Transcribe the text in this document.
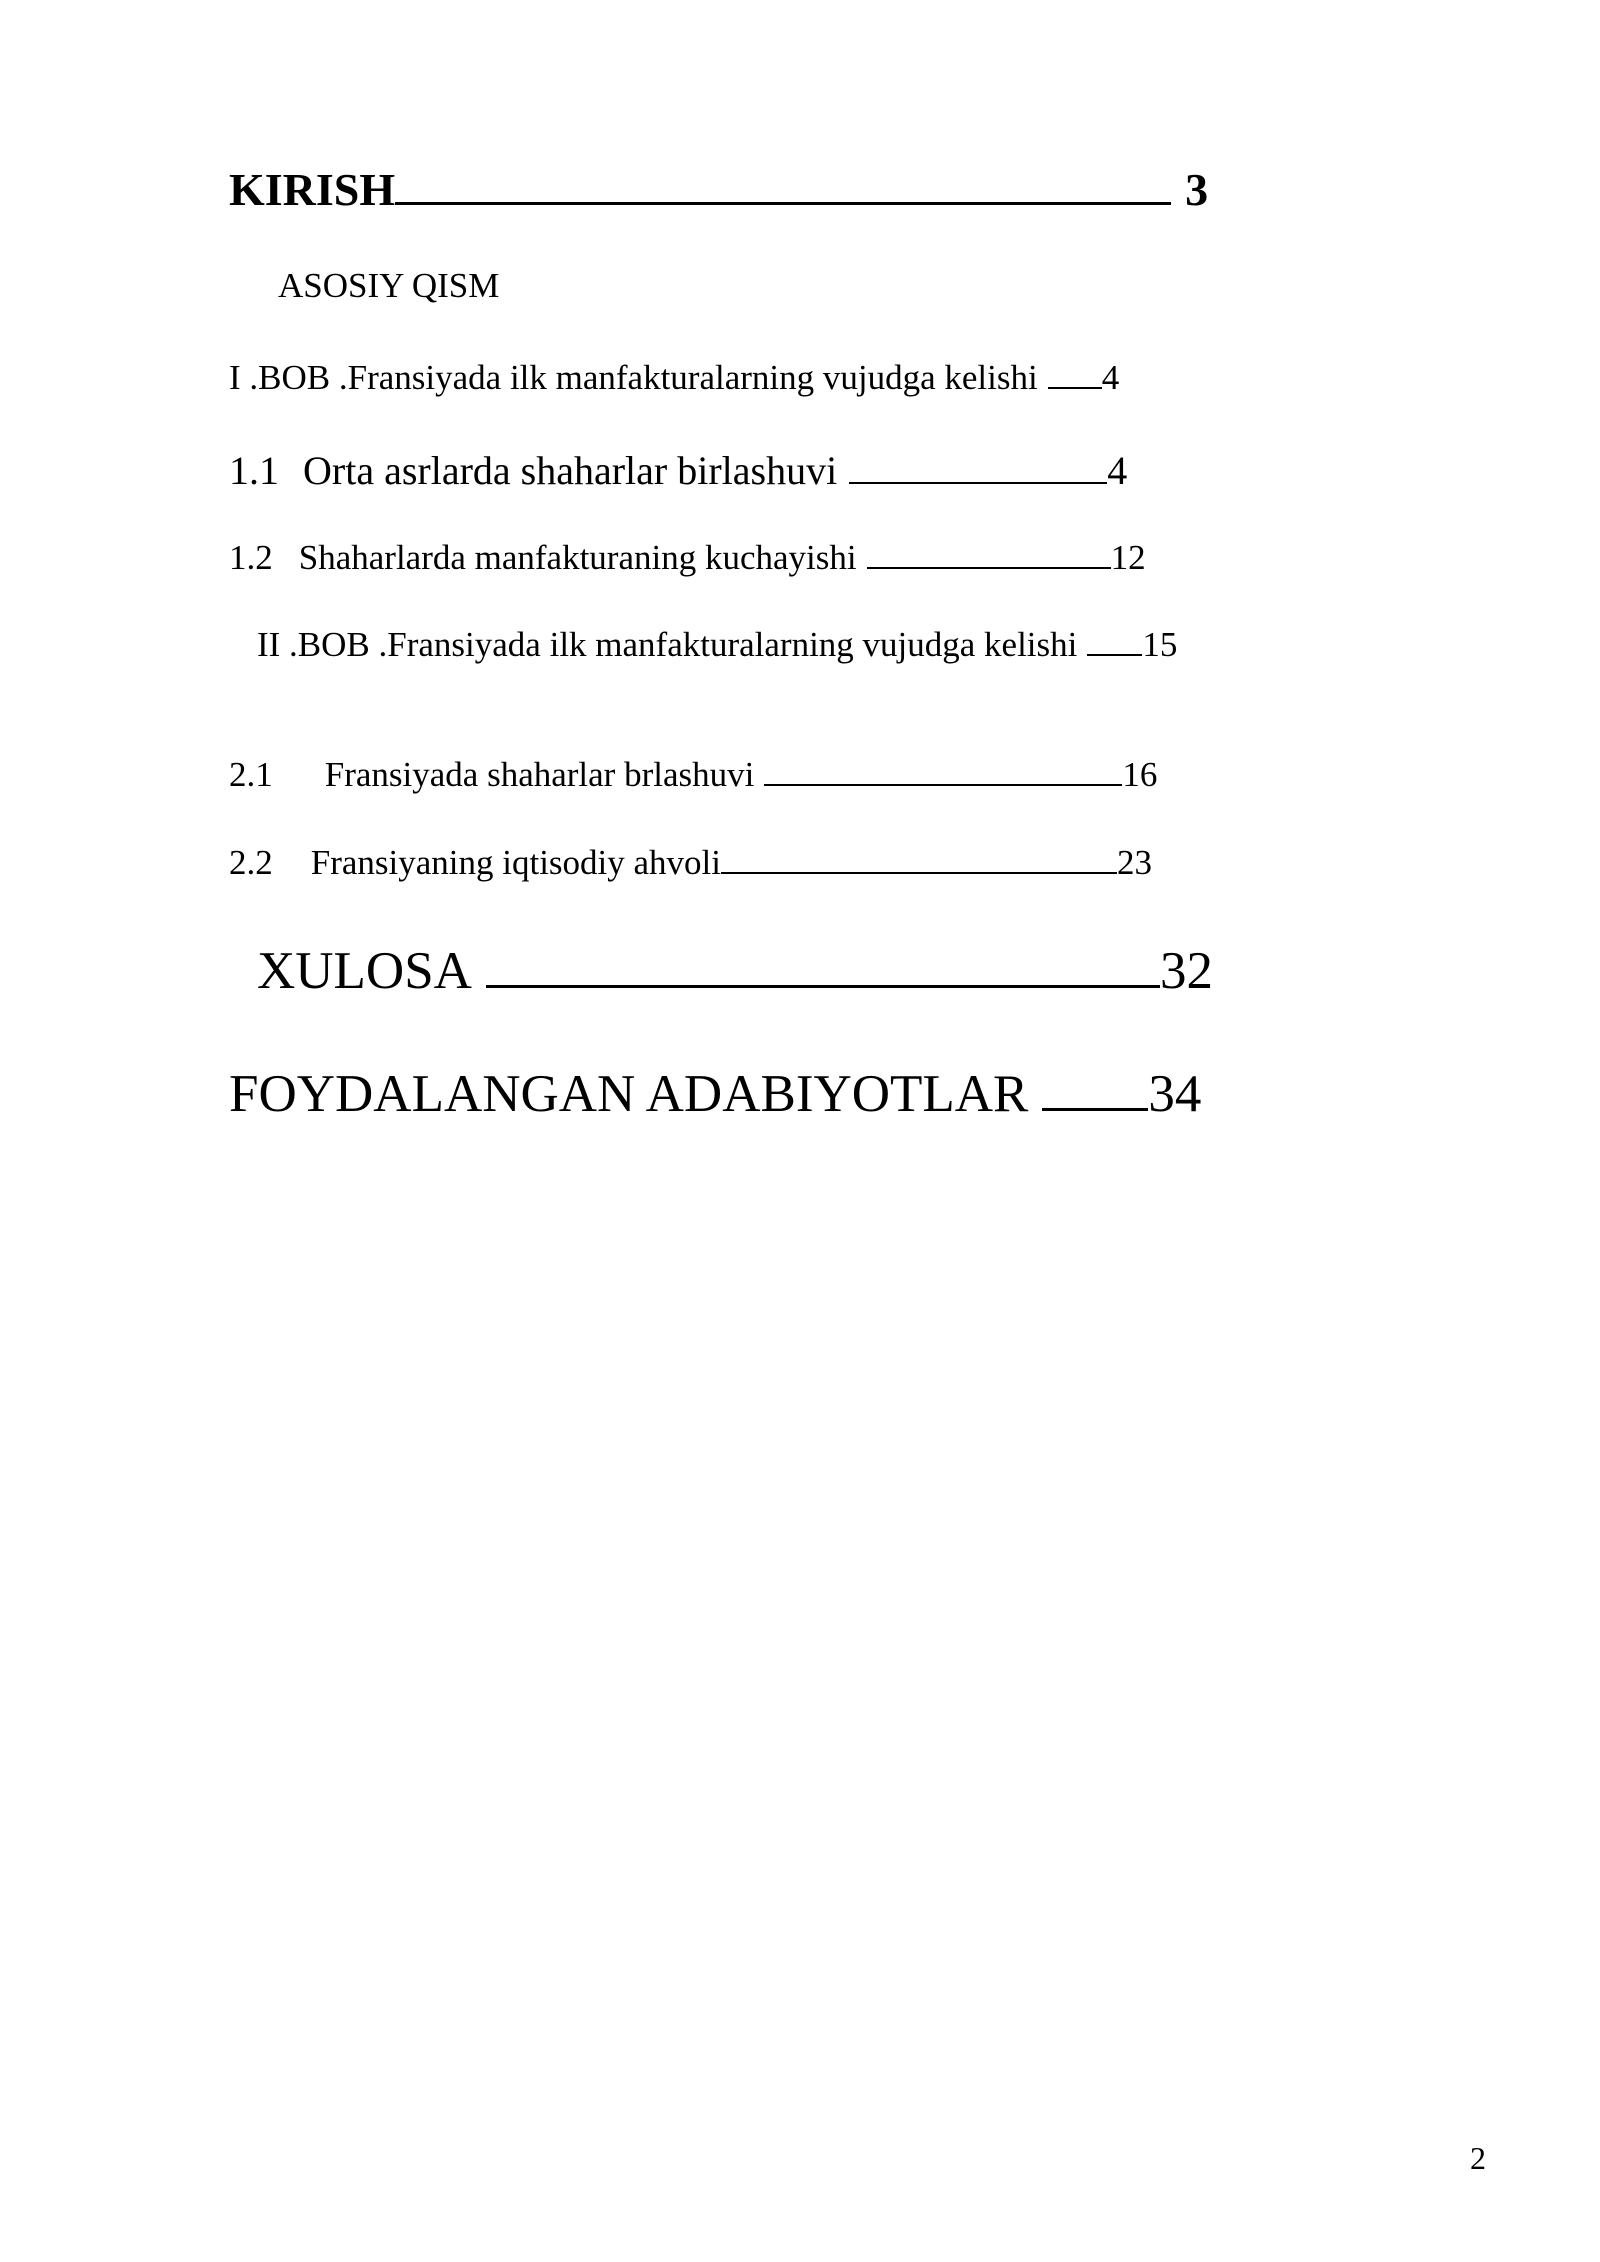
KIRISH	3
ASOSIY QISM
I .BOB .Fransiyada ilk manfakturalarning vujudga kelishi 4
1.1 Orta asrlarda shaharlar birlashuvi	4
1.2 Shaharlarda manfakturaning kuchayishi	12
II .BOB .Fransiyada ilk manfakturalarning vujudga kelishi 15
2.1 Fransiyada shaharlar brlashuvi	16
2.2 Fransiyaning iqtisodiy ahvoli	23
XULOSA	32
FOYDALANGAN ADABIYOTLAR 34
2
